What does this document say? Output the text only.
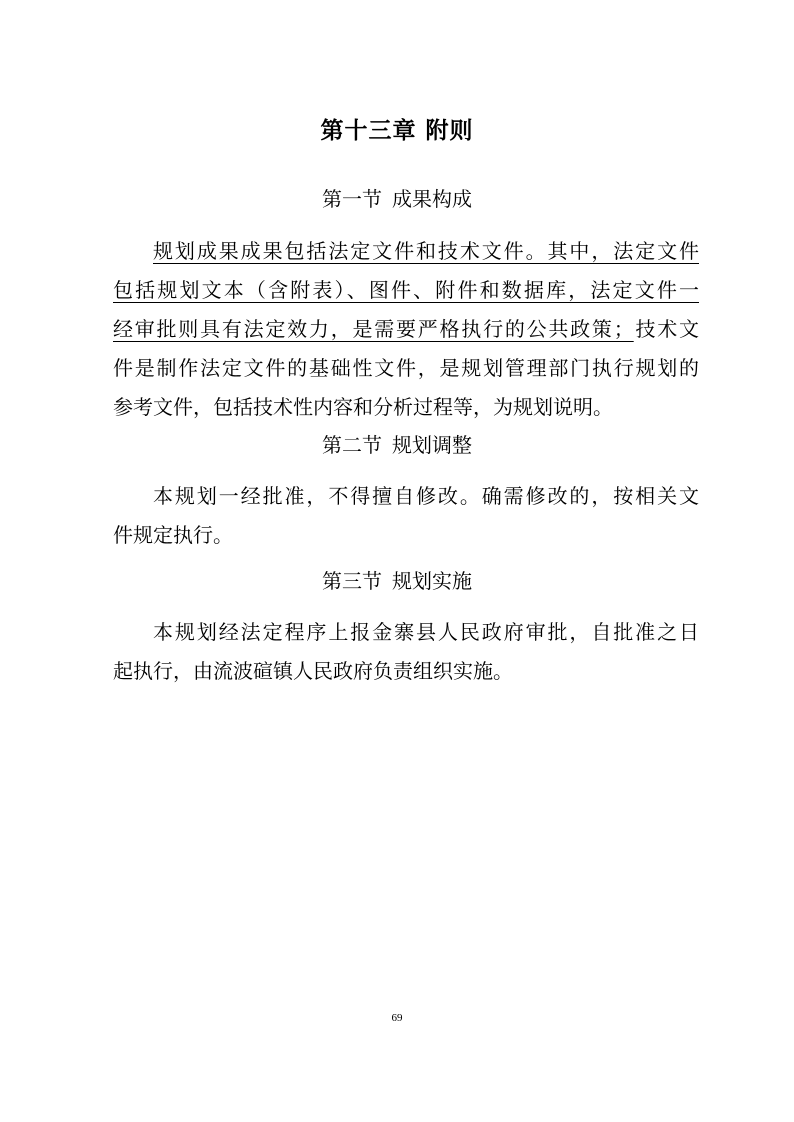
第十三章 附则
第一节 成果构成
规划成果成果包括法定文件和技术文件。其中，法定文件
包括规划文本（含附表）、图件、附件和数据库，法定文件一
经审批则具有法定效力，是需要严格执行的公共政策；技术文
件是制作法定文件的基础性文件，是规划管理部门执行规划的
参考文件，包括技术性内容和分析过程等，为规划说明。
第二节 规划调整
本规划一经批准，不得擅自修改。确需修改的，按相关文
件规定执行。
第三节 规划实施
本规划经法定程序上报金寨县人民政府审批，自批准之日
起执行，由流波碹镇人民政府负责组织实施。
69
